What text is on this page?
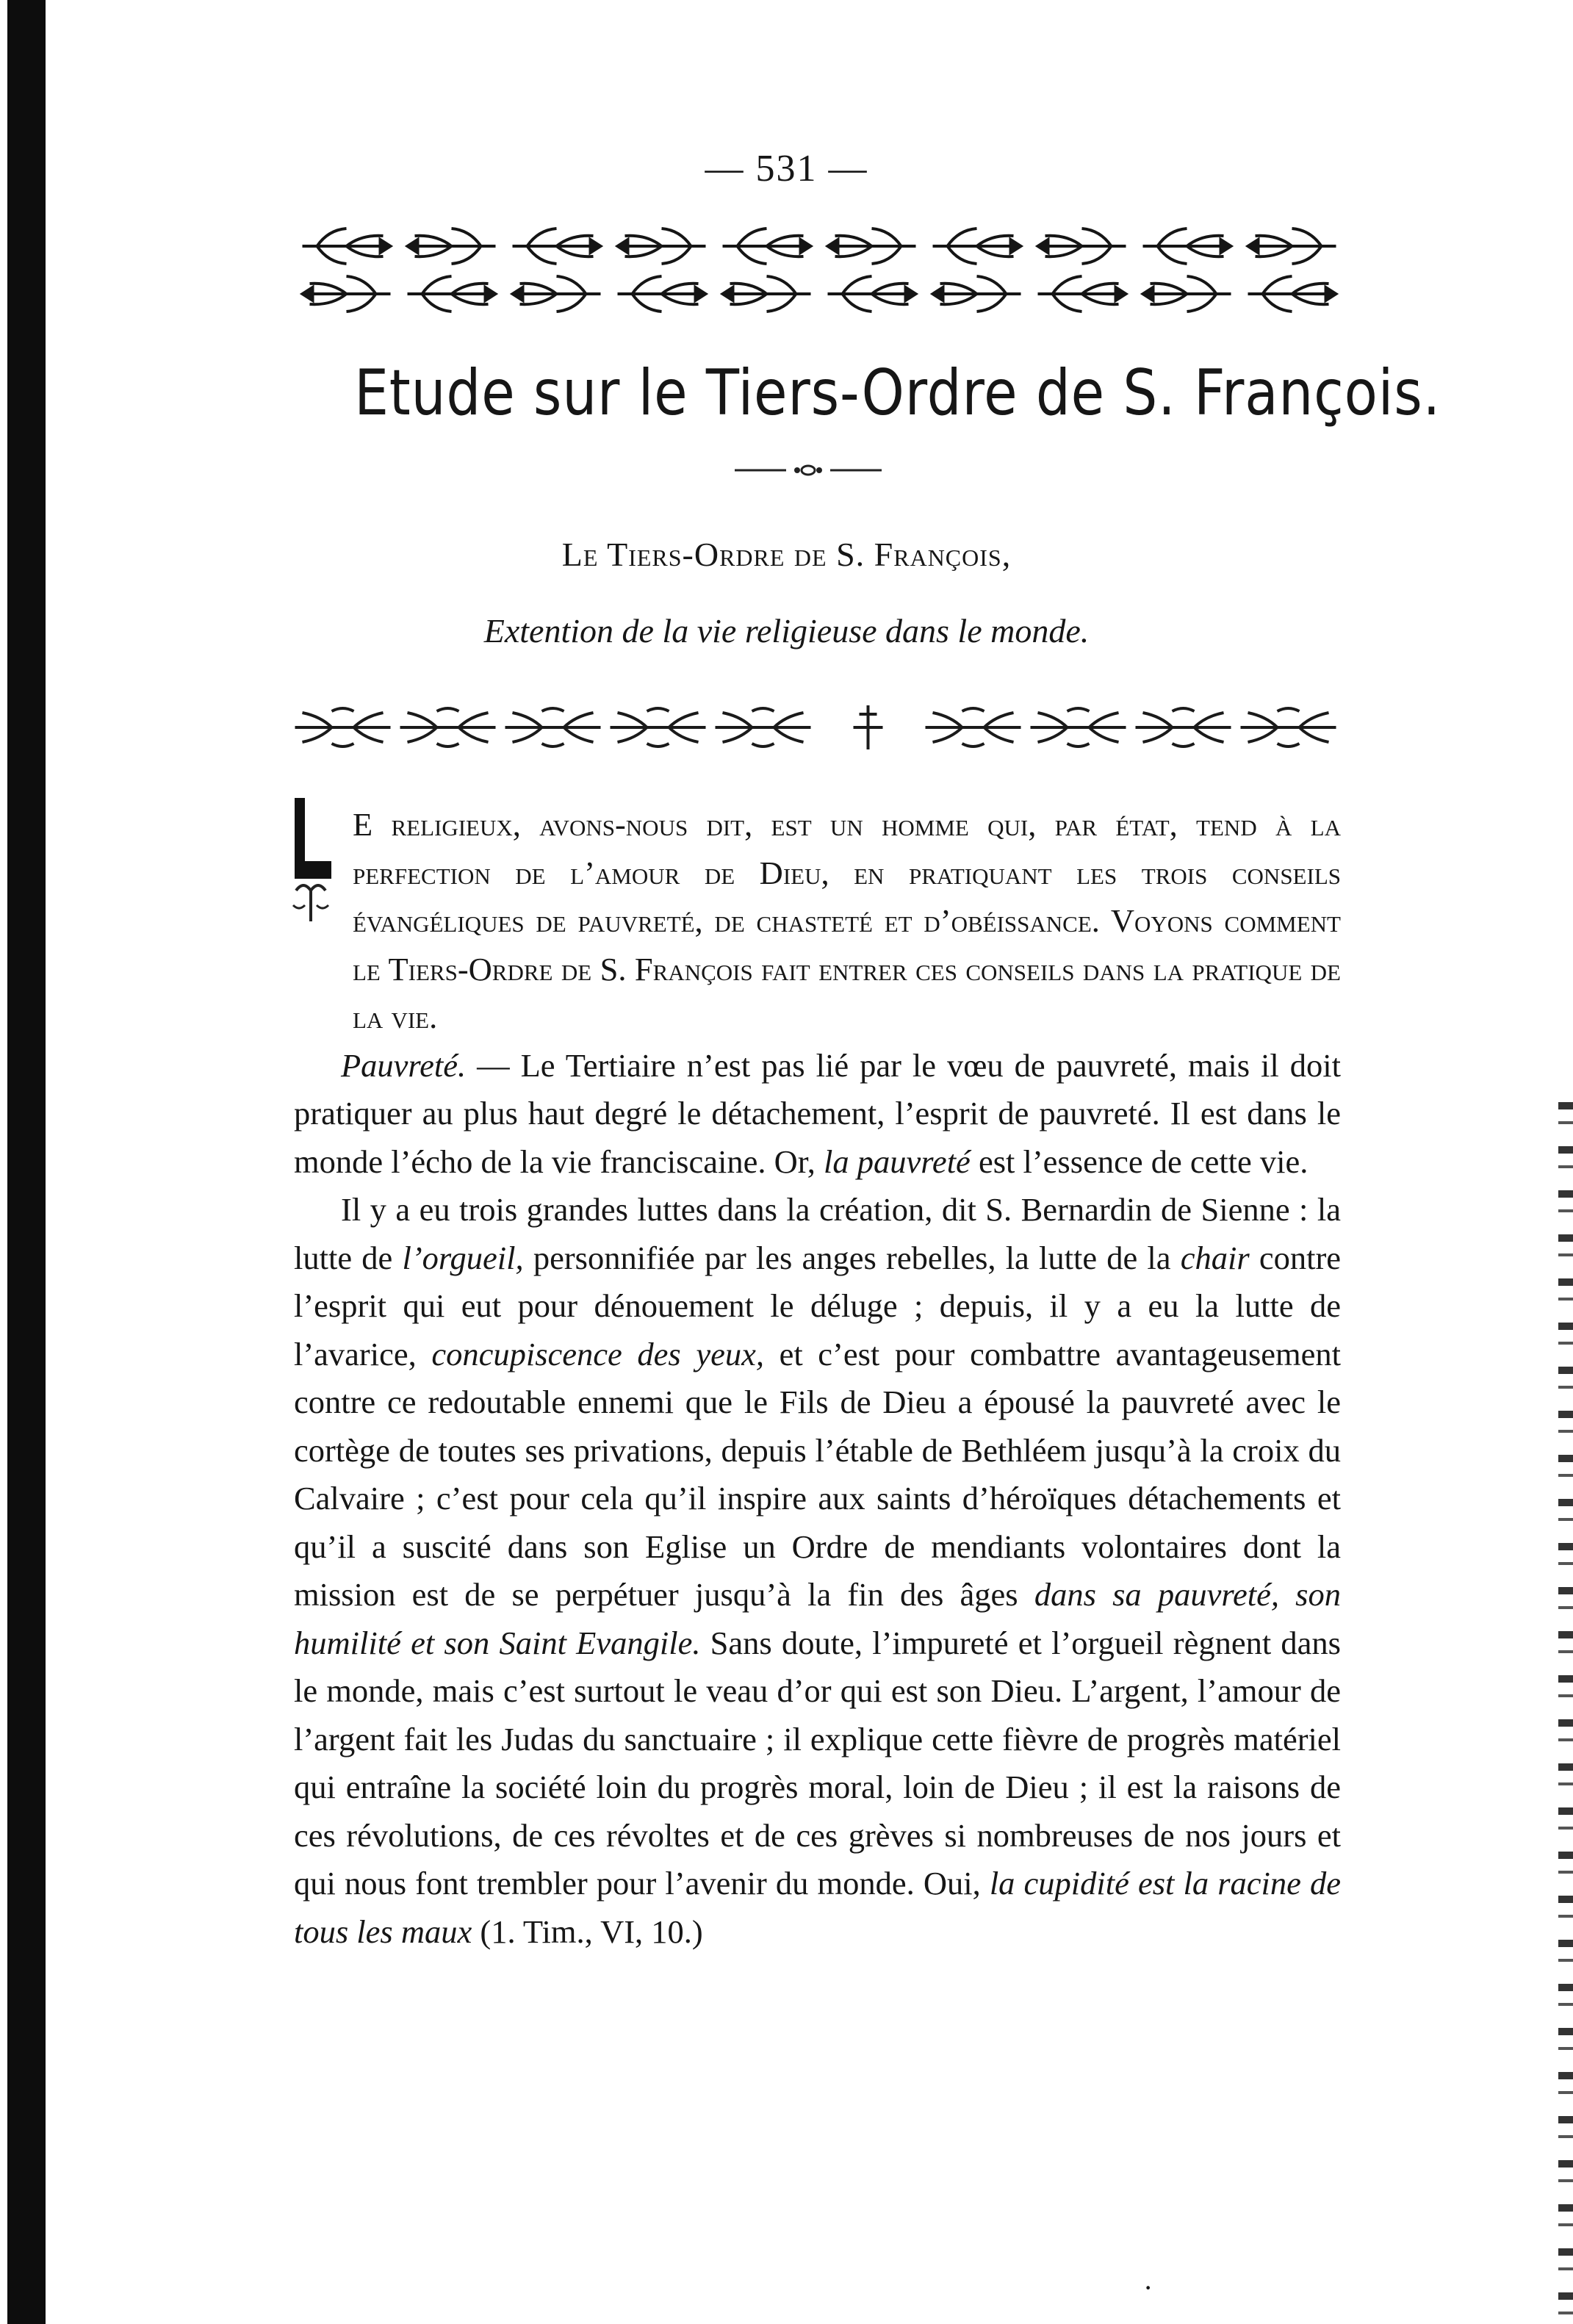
— 531 —
Etude sur le Tiers-Ordre de S. François.
Le Tiers-Ordre de S. François,
Extention de la vie religieuse dans le monde.

E religieux, avons-nous dit, est un homme qui, par état, tend à la perfection de l’amour de Dieu, en pratiquant les trois conseils évangéliques de pauvreté, de chasteté et d’obéissance. Voyons comment le Tiers-Ordre de S. François fait entrer ces conseils dans la pratique de la vie.

Pauvreté. — Le Tertiaire n’est pas lié par le vœu de pauvreté, mais il doit pratiquer au plus haut degré le détachement, l’esprit de pauvreté. Il est dans le monde l’écho de la vie franciscaine. Or, la pauvreté est l’essence de cette vie.

Il y a eu trois grandes luttes dans la création, dit S. Bernardin de Sienne : la lutte de l’orgueil, personnifiée par les anges rebelles, la lutte de la chair contre l’esprit qui eut pour dénouement le déluge ; depuis, il y a eu la lutte de l’avarice, concupiscence des yeux, et c’est pour combattre avantageusement contre ce redoutable ennemi que le Fils de Dieu a épousé la pauvreté avec le cortège de toutes ses privations, depuis l’étable de Bethléem jusqu’à la croix du Calvaire ; c’est pour cela qu’il inspire aux saints d’héroïques détachements et qu’il a suscité dans son Eglise un Ordre de mendiants volontaires dont la mission est de se perpétuer jusqu’à la fin des âges dans sa pauvreté, son humilité et son Saint Evangile. Sans doute, l’impureté et l’orgueil règnent dans le monde, mais c’est surtout le veau d’or qui est son Dieu. L’argent, l’amour de l’argent fait les Judas du sanctuaire ; il explique cette fièvre de progrès matériel qui entraîne la société loin du progrès moral, loin de Dieu ; il est la raisons de ces révolutions, de ces révoltes et de ces grèves si nombreuses de nos jours et qui nous font trembler pour l’avenir du monde. Oui, la cupidité est la racine de tous les maux (1. Tim., VI, 10.)

·
